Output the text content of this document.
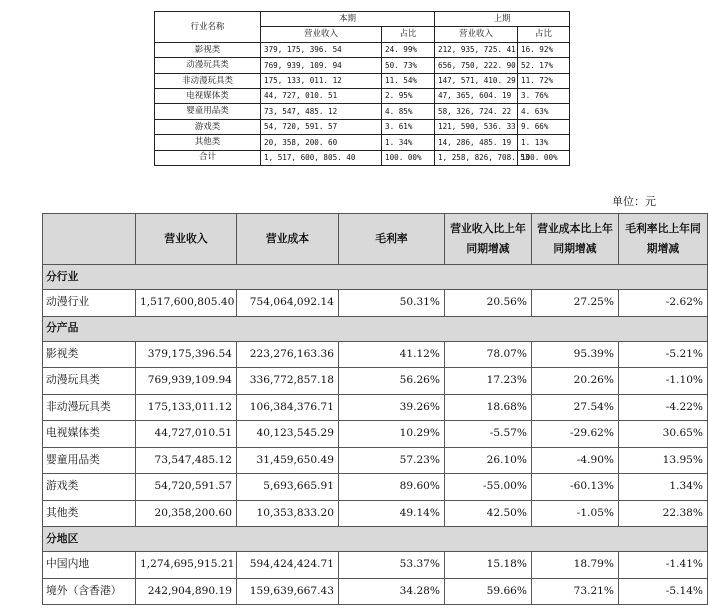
行业名称	本期		上期	
	营业收入	占比	营业收入	占比
影视类	379, 175, 396. 54	24. 99%	212, 935, 725. 41	16. 92%
动漫玩具类	769, 939, 109. 94	50. 73%	656, 750, 222. 90	52. 17%
非动漫玩具类	175, 133, 011. 12	11. 54%	147, 571, 410. 29	11. 72%
电视媒体类	44, 727, 010. 51	2. 95%	47, 365, 604. 19	3. 76%
婴童用品类	73, 547, 485. 12	4. 85%	58, 326, 724. 22	4. 63%
游戏类	54, 720, 591. 57	3. 61%	121, 590, 536. 33	9. 66%
其他类	20, 358, 200. 60	1. 34%	14, 286, 485. 19	1. 13%
合计	1, 517, 600, 805. 40	100. 00%	1, 258, 826, 708. 53	100. 00%
单位：元
	营业收入	营业成本	毛利率	营业收入比上年同期增减	营业成本比上年同期增减	毛利率比上年同期增减
分行业						
动漫行业	1,517,600,805.40	754,064,092.14	50.31%	20.56%	27.25%	-2.62%
分产品						
影视类	379,175,396.54	223,276,163.36	41.12%	78.07%	95.39%	-5.21%
动漫玩具类	769,939,109.94	336,772,857.18	56.26%	17.23%	20.26%	-1.10%
非动漫玩具类	175,133,011.12	106,384,376.71	39.26%	18.68%	27.54%	-4.22%
电视媒体类	44,727,010.51	40,123,545.29	10.29%	-5.57%	-29.62%	30.65%
婴童用品类	73,547,485.12	31,459,650.49	57.23%	26.10%	-4.90%	13.95%
游戏类	54,720,591.57	5,693,665.91	89.60%	-55.00%	-60.13%	1.34%
其他类	20,358,200.60	10,353,833.20	49.14%	42.50%	-1.05%	22.38%
分地区						
中国内地	1,274,695,915.21	594,424,424.71	53.37%	15.18%	18.79%	-1.41%
境外（含香港）	242,904,890.19	159,639,667.43	34.28%	59.66%	73.21%	-5.14%
